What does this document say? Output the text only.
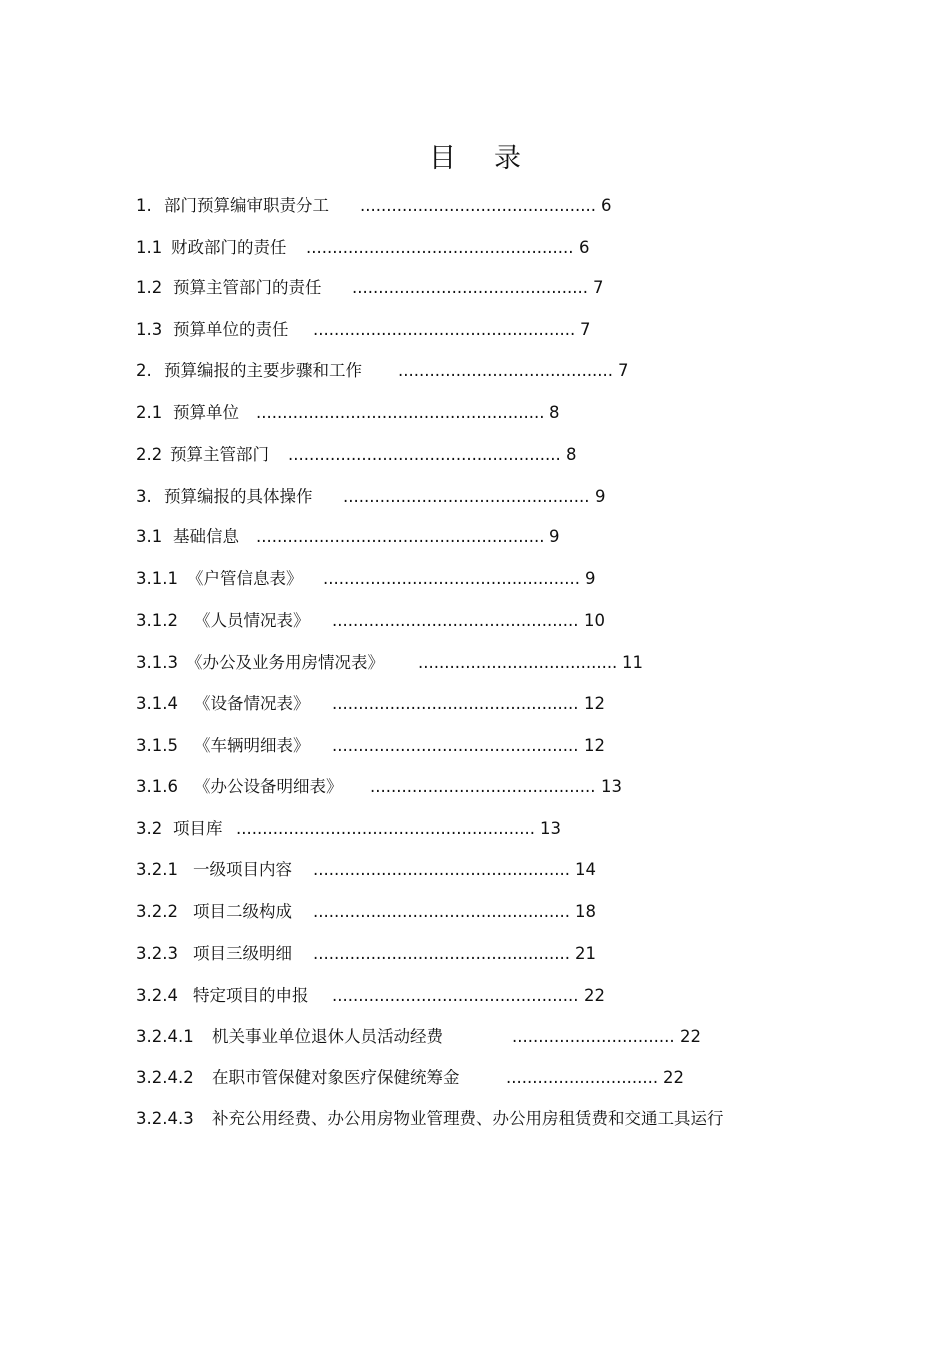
目 录
1. 部门预算编审职责分工 ............................................. 6
1.1 财政部门的责任 ................................................... 6
1.2 预算主管部门的责任 ............................................. 7
1.3 预算单位的责任 .................................................. 7
2. 预算编报的主要步骤和工作 ......................................... 7
2.1 预算单位 ....................................................... 8
2.2 预算主管部门 .................................................... 8
3. 预算编报的具体操作 ............................................... 9
3.1 基础信息 ....................................................... 9
3.1.1 《户管信息表》 ................................................. 9
3.1.2 《人员情况表》 ............................................... 10
3.1.3 《办公及业务用房情况表》 ...................................... 11
3.1.4 《设备情况表》 ............................................... 12
3.1.5 《车辆明细表》 ............................................... 12
3.1.6 《办公设备明细表》 ........................................... 13
3.2 项目库 ......................................................... 13
3.2.1 一级项目内容 ................................................. 14
3.2.2 项目二级构成 ................................................. 18
3.2.3 项目三级明细 ................................................. 21
3.2.4 特定项目的申报 ............................................... 22
3.2.4.1 机关事业单位退休人员活动经费	............................... 22
3.2.4.2 在职市管保健对象医疗保健统筹金	............................. 22
3.2.4.3 补充公用经费、办公用房物业管理费、办公用房租赁费和交通工具运行
